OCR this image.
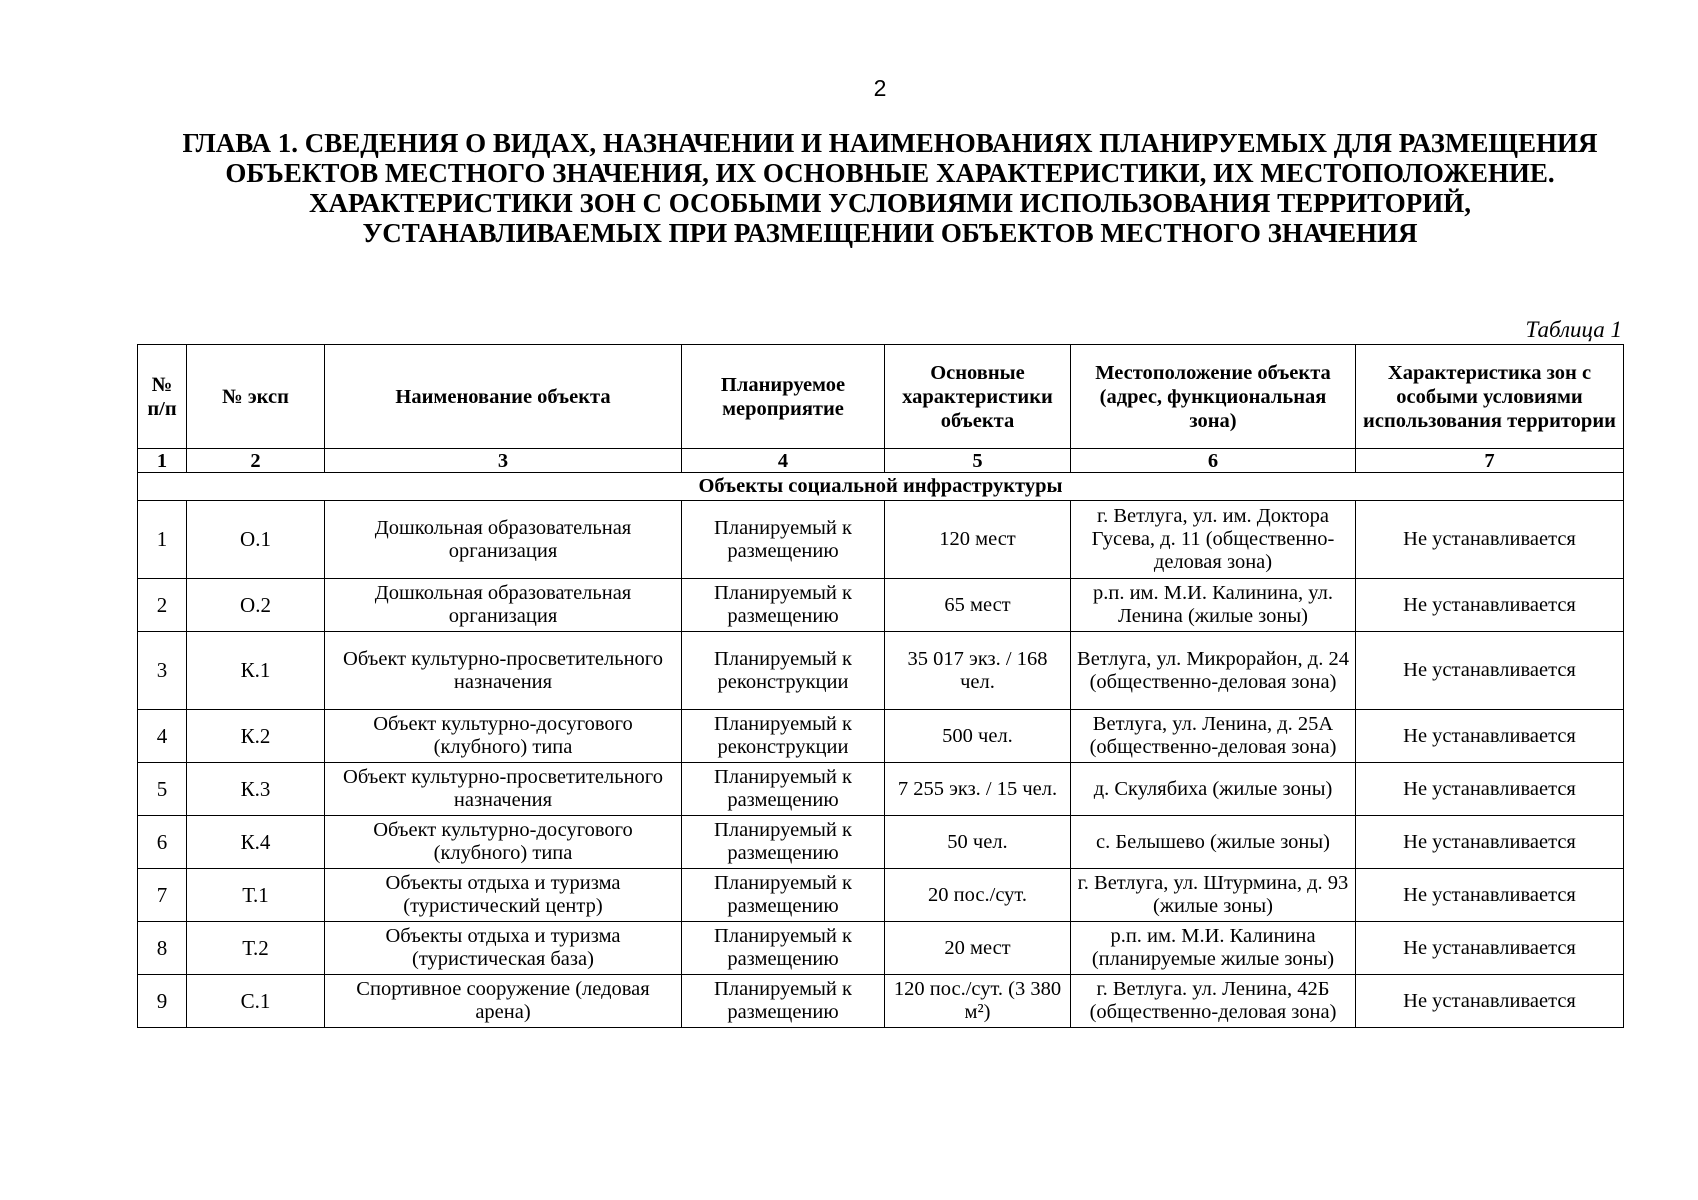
2
ГЛАВА 1. СВЕДЕНИЯ О ВИДАХ, НАЗНАЧЕНИИ И НАИМЕНОВАНИЯХ ПЛАНИРУЕМЫХ ДЛЯ РАЗМЕЩЕНИЯ ОБЪЕКТОВ МЕСТНОГО ЗНАЧЕНИЯ, ИХ ОСНОВНЫЕ ХАРАКТЕРИСТИКИ, ИХ МЕСТОПОЛОЖЕНИЕ. ХАРАКТЕРИСТИКИ ЗОН С ОСОБЫМИ УСЛОВИЯМИ ИСПОЛЬЗОВАНИЯ ТЕРРИТОРИЙ, УСТАНАВЛИВАЕМЫХ ПРИ РАЗМЕЩЕНИИ ОБЪЕКТОВ МЕСТНОГО ЗНАЧЕНИЯ
Таблица 1
№ п/п	№ эксп	Наименование объекта	Планируемое мероприятие	Основные характеристики объекта	Местоположение объекта (адрес, функциональная зона)	Характеристика зон с особыми условиями использования территории
1	2	3	4	5	6	7
Объекты социальной инфраструктуры						
1	О.1	Дошкольная образовательная организация	Планируемый к размещению	120 мест	г. Ветлуга, ул. им. Доктора Гусева, д. 11 (общественно-деловая зона)	Не устанавливается
2	О.2	Дошкольная образовательная организация	Планируемый к размещению	65 мест	р.п. им. М.И. Калинина, ул. Ленина (жилые зоны)	Не устанавливается
3	К.1	Объект культурно-просветительного назначения	Планируемый к реконструкции	35 017 экз. / 168 чел.	Ветлуга, ул. Микрорайон, д. 24 (общественно-деловая зона)	Не устанавливается
4	К.2	Объект культурно-досугового (клубного) типа	Планируемый к реконструкции	500 чел.	Ветлуга, ул. Ленина, д. 25А (общественно-деловая зона)	Не устанавливается
5	К.3	Объект культурно-просветительного назначения	Планируемый к размещению	7 255 экз. / 15 чел.	д. Скулябиха (жилые зоны)	Не устанавливается
6	К.4	Объект культурно-досугового (клубного) типа	Планируемый к размещению	50 чел.	с. Белышево (жилые зоны)	Не устанавливается
7	Т.1	Объекты отдыха и туризма (туристический центр)	Планируемый к размещению	20 пос./сут.	г. Ветлуга, ул. Штурмина, д. 93 (жилые зоны)	Не устанавливается
8	Т.2	Объекты отдыха и туризма (туристическая база)	Планируемый к размещению	20 мест	р.п. им. М.И. Калинина (планируемые жилые зоны)	Не устанавливается
9	С.1	Спортивное сооружение (ледовая арена)	Планируемый к размещению	120 пос./сут. (3 380 м²)	г. Ветлуга. ул. Ленина, 42Б (общественно-деловая зона)	Не устанавливается
